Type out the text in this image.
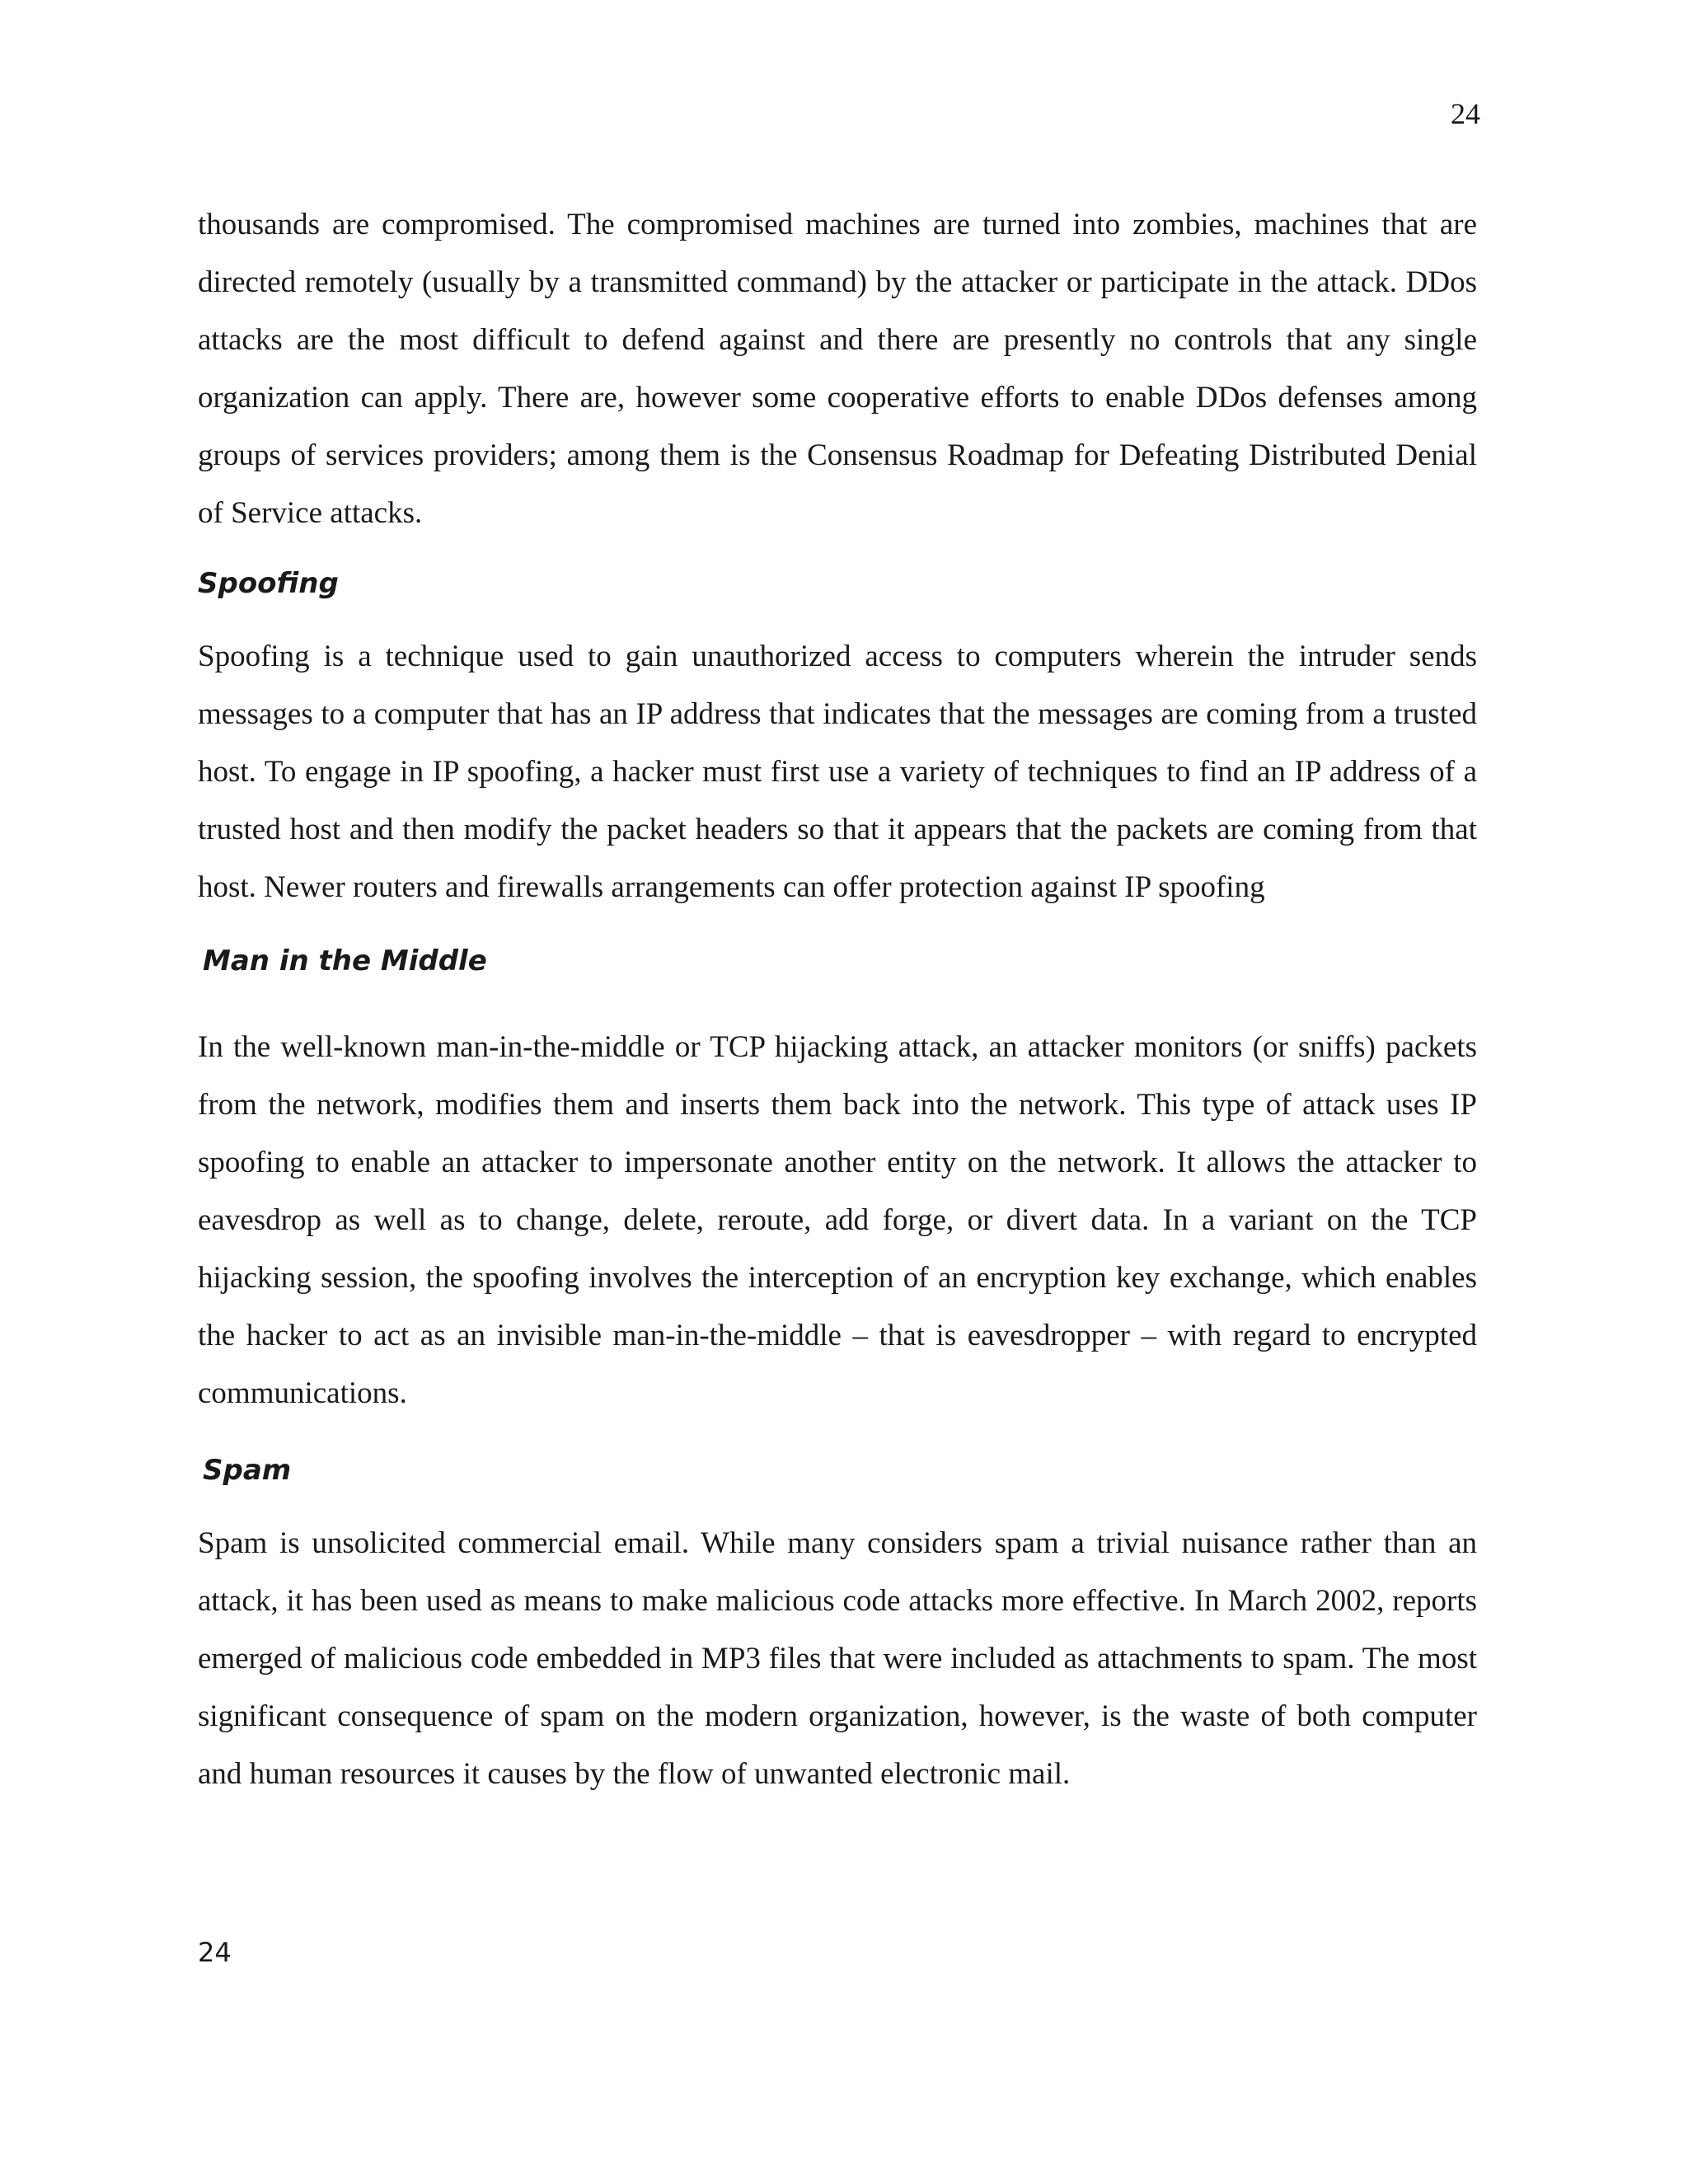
24

thousands are compromised. The compromised machines are turned into zombies, machines that are directed remotely (usually by a transmitted command) by the attacker or participate in the attack. DDos attacks are the most difficult to defend against and there are presently no controls that any single organization can apply. There are, however some cooperative efforts to enable DDos defenses among groups of services providers; among them is the Consensus Roadmap for Defeating Distributed Denial of Service attacks.

Spoofing

Spoofing is a technique used to gain unauthorized access to computers wherein the intruder sends messages to a computer that has an IP address that indicates that the messages are coming from a trusted host. To engage in IP spoofing, a hacker must first use a variety of techniques to find an IP address of a trusted host and then modify the packet headers so that it appears that the packets are coming from that host. Newer routers and firewalls arrangements can offer protection against IP spoofing

Man in the Middle

In the well-known man-in-the-middle or TCP hijacking attack, an attacker monitors (or sniffs) packets from the network, modifies them and inserts them back into the network. This type of attack uses IP spoofing to enable an attacker to impersonate another entity on the network. It allows the attacker to eavesdrop as well as to change, delete, reroute, add forge, or divert data. In a variant on the TCP hijacking session, the spoofing involves the interception of an encryption key exchange, which enables the hacker to act as an invisible man-in-the-middle – that is eavesdropper – with regard to encrypted communications.

Spam

Spam is unsolicited commercial email. While many considers spam a trivial nuisance rather than an attack, it has been used as means to make malicious code attacks more effective. In March 2002, reports emerged of malicious code embedded in MP3 files that were included as attachments to spam. The most significant consequence of spam on the modern organization, however, is the waste of both computer and human resources it causes by the flow of unwanted electronic mail.

24
